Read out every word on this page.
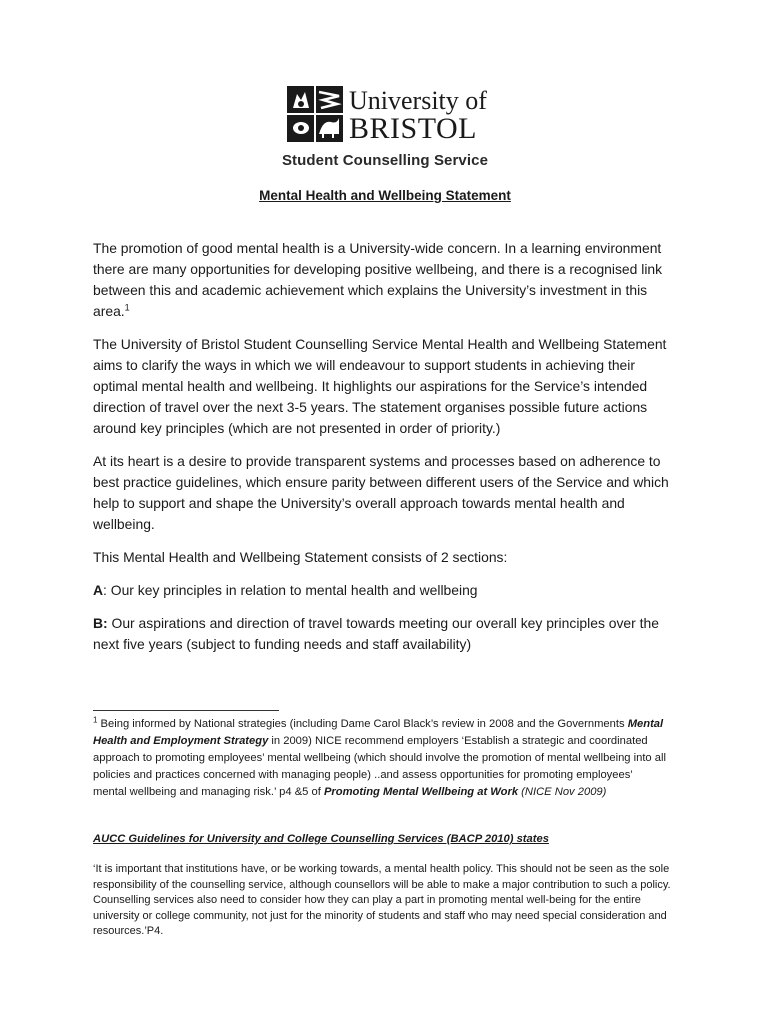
University of
BRISTOL
Student Counselling Service
Mental Health and Wellbeing Statement

The promotion of good mental health is a University-wide concern. In a learning environment there are many opportunities for developing positive wellbeing, and there is a recognised link between this and academic achievement which explains the University’s investment in this area.$^1$

The University of Bristol Student Counselling Service Mental Health and Wellbeing Statement aims to clarify the ways in which we will endeavour to support students in achieving their optimal mental health and wellbeing. It highlights our aspirations for the Service’s intended direction of travel over the next 3-5 years. The statement organises possible future actions around key principles (which are not presented in order of priority.)

At its heart is a desire to provide transparent systems and processes based on adherence to best practice guidelines, which ensure parity between different users of the Service and which help to support and shape the University’s overall approach towards mental health and wellbeing.

This Mental Health and Wellbeing Statement consists of 2 sections:

A: Our key principles in relation to mental health and wellbeing

B: Our aspirations and direction of travel towards meeting our overall key principles over the next five years (subject to funding needs and staff availability)

$^1$ Being informed by National strategies (including Dame Carol Black’s review in 2008 and the Governments Mental Health and Employment Strategy in 2009) NICE recommend employers ‘Establish a strategic and coordinated approach to promoting employees’ mental wellbeing (which should involve the promotion of mental wellbeing into all policies and practices concerned with managing people) ..and assess opportunities for promoting employees’ mental wellbeing and managing risk.’ p4 &5 of Promoting Mental Wellbeing at Work (NICE Nov 2009)
AUCC Guidelines for University and College Counselling Services (BACP 2010) states
‘It is important that institutions have, or be working towards, a mental health policy. This should not be seen as the sole responsibility of the counselling service, although counsellors will be able to make a major contribution to such a policy. Counselling services also need to consider how they can play a part in promoting mental well-being for the entire university or college community, not just for the minority of students and staff who may need special consideration and resources.’P4.
